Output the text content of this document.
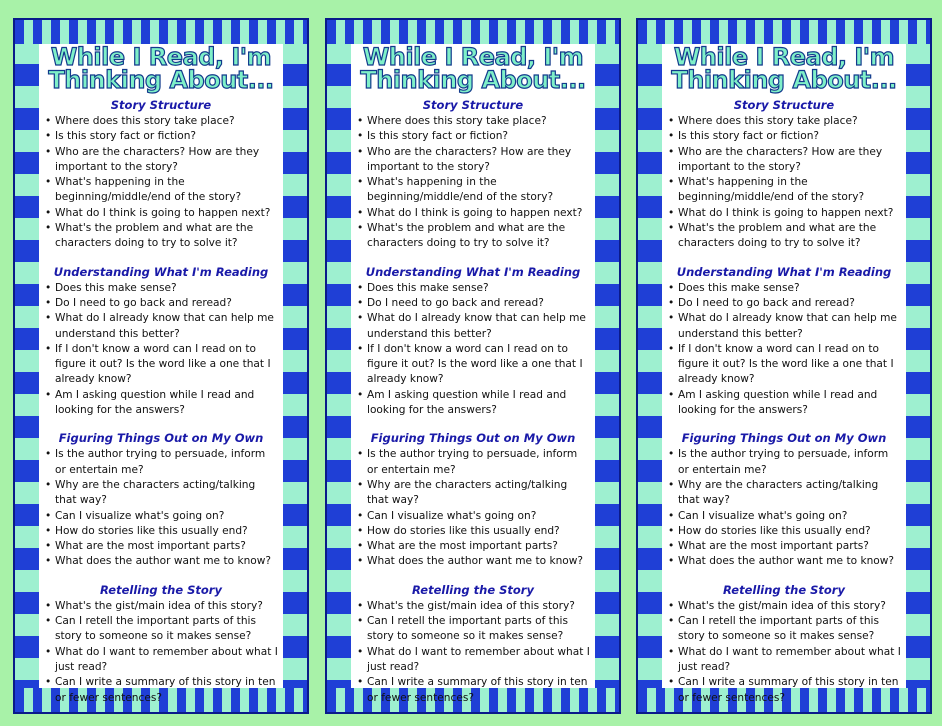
While I Read, I'm
Thinking About...
Story Structure
• Where does this story take place?
• Is this story fact or fiction?
• Who are the characters? How are they important to the story?
• What's happening in the beginning/middle/end of the story?
• What do I think is going to happen next?
• What's the problem and what are the characters doing to try to solve it?
Understanding What I'm Reading
• Does this make sense?
• Do I need to go back and reread?
• What do I already know that can help me understand this better?
• If I don't know a word can I read on to figure it out? Is the word like a one that I already know?
• Am I asking question while I read and looking for the answers?
Figuring Things Out on My Own
• Is the author trying to persuade, inform or entertain me?
• Why are the characters acting/talking that way?
• Can I visualize what's going on?
• How do stories like this usually end?
• What are the most important parts?
• What does the author want me to know?
Retelling the Story
• What's the gist/main idea of this story?
• Can I retell the important parts of this story to someone so it makes sense?
• What do I want to remember about what I just read?
• Can I write a summary of this story in ten or fewer sentences?
While I Read, I'm
Thinking About...
Story Structure
• Where does this story take place?
• Is this story fact or fiction?
• Who are the characters? How are they important to the story?
• What's happening in the beginning/middle/end of the story?
• What do I think is going to happen next?
• What's the problem and what are the characters doing to try to solve it?
Understanding What I'm Reading
• Does this make sense?
• Do I need to go back and reread?
• What do I already know that can help me understand this better?
• If I don't know a word can I read on to figure it out? Is the word like a one that I already know?
• Am I asking question while I read and looking for the answers?
Figuring Things Out on My Own
• Is the author trying to persuade, inform or entertain me?
• Why are the characters acting/talking that way?
• Can I visualize what's going on?
• How do stories like this usually end?
• What are the most important parts?
• What does the author want me to know?
Retelling the Story
• What's the gist/main idea of this story?
• Can I retell the important parts of this story to someone so it makes sense?
• What do I want to remember about what I just read?
• Can I write a summary of this story in ten or fewer sentences?
While I Read, I'm
Thinking About...
Story Structure
• Where does this story take place?
• Is this story fact or fiction?
• Who are the characters? How are they important to the story?
• What's happening in the beginning/middle/end of the story?
• What do I think is going to happen next?
• What's the problem and what are the characters doing to try to solve it?
Understanding What I'm Reading
• Does this make sense?
• Do I need to go back and reread?
• What do I already know that can help me understand this better?
• If I don't know a word can I read on to figure it out? Is the word like a one that I already know?
• Am I asking question while I read and looking for the answers?
Figuring Things Out on My Own
• Is the author trying to persuade, inform or entertain me?
• Why are the characters acting/talking that way?
• Can I visualize what's going on?
• How do stories like this usually end?
• What are the most important parts?
• What does the author want me to know?
Retelling the Story
• What's the gist/main idea of this story?
• Can I retell the important parts of this story to someone so it makes sense?
• What do I want to remember about what I just read?
• Can I write a summary of this story in ten or fewer sentences?
